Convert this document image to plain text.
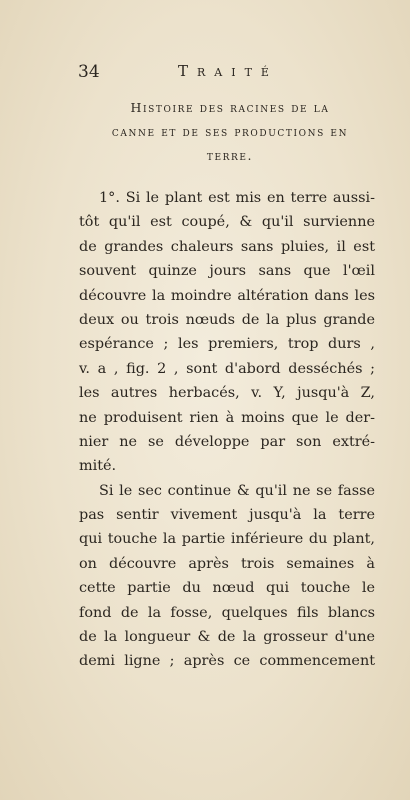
34	Traité
Histoire des racines de la
canne et de ses productions en
terre.
1°. Si le plant est mis en terre aussi-
tôt qu'il est coupé, & qu'il survienne
de grandes chaleurs sans pluies, il est
souvent quinze jours sans que l'œil
découvre la moindre altération dans les
deux ou trois nœuds de la plus grande
espérance ; les premiers, trop durs ,
v. a , fig. 2 , sont d'abord desséchés ;
les autres herbacés, v. Y, jusqu'à Z,
ne produisent rien à moins que le der-
nier ne se développe par son extré-
mité.
Si le sec continue & qu'il ne se fasse
pas sentir vivement jusqu'à la terre
qui touche la partie inférieure du plant,
on découvre après trois semaines à
cette partie du nœud qui touche le
fond de la fosse, quelques fils blancs
de la longueur & de la grosseur d'une
demi ligne ; après ce commencement
